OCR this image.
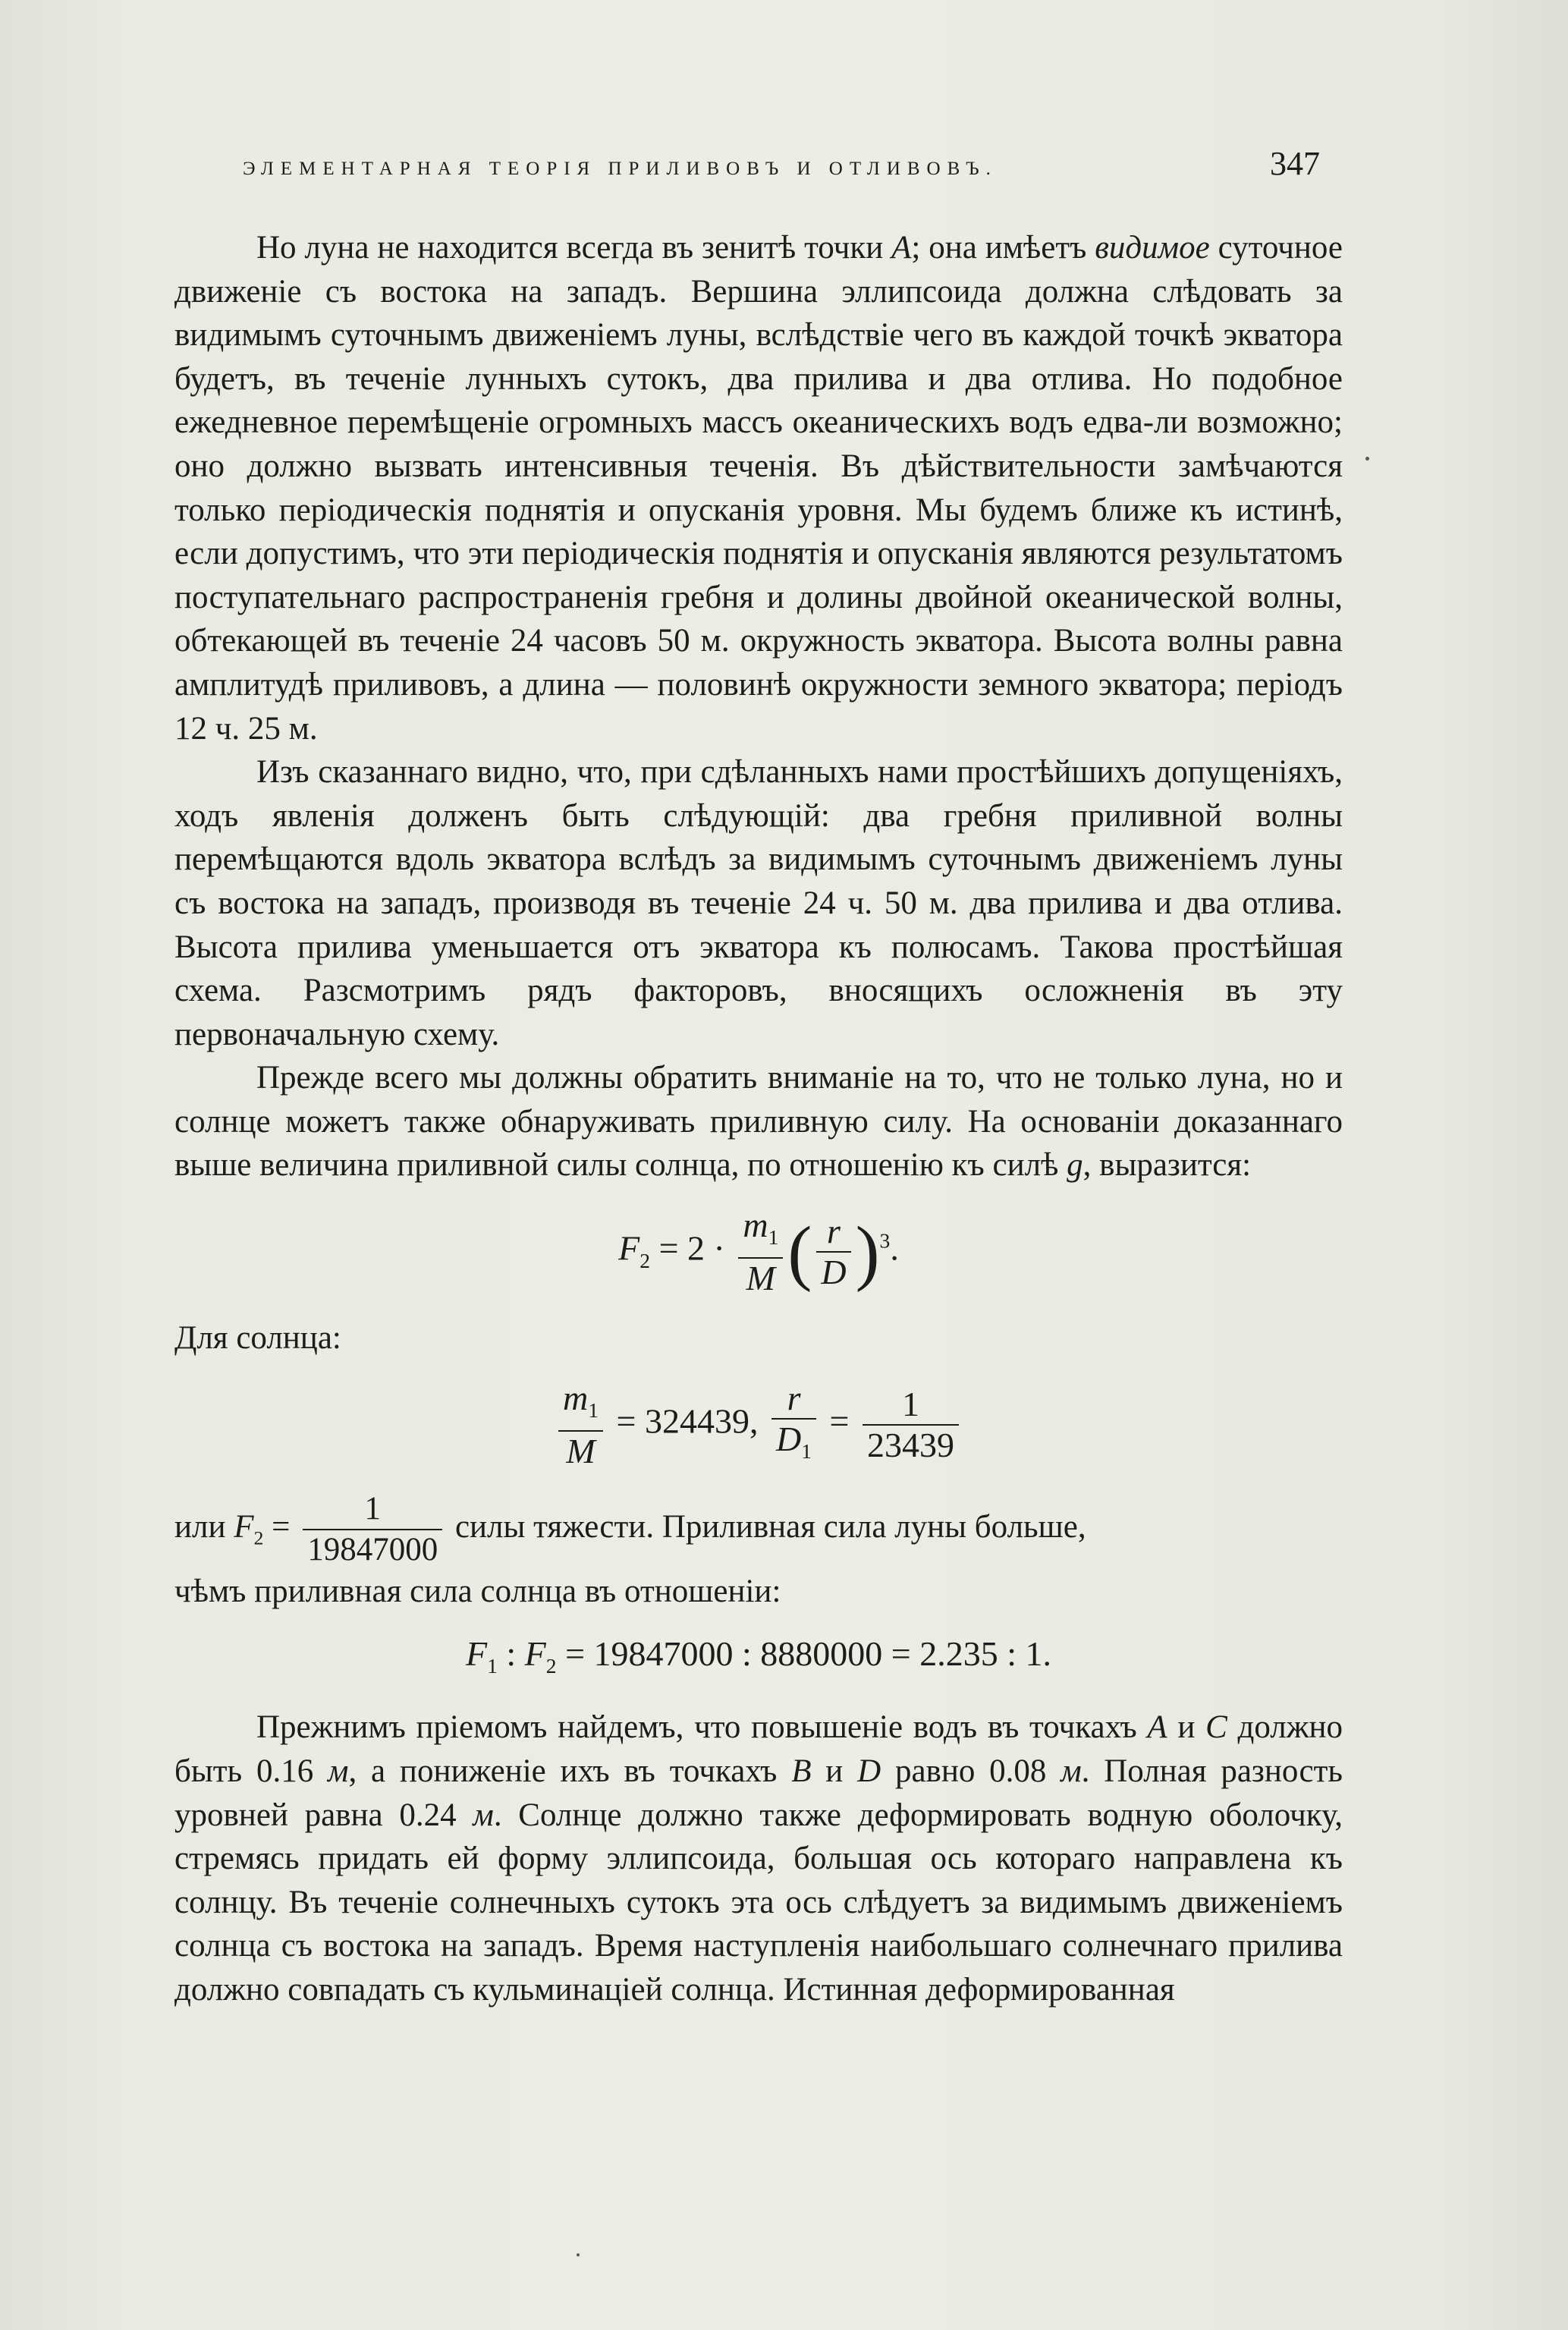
ЭЛЕМЕНТАРНАЯ ТЕОРІЯ ПРИЛИВОВЪ И ОТЛИВОВЪ.	347

Но луна не находится всегда въ зенитѣ точки A; она имѣетъ видимое суточное движеніе съ востока на западъ. Вершина эллипсоида должна слѣдовать за видимымъ суточнымъ движеніемъ луны, вслѣдствіе чего въ каждой точкѣ экватора будетъ, въ теченіе лунныхъ сутокъ, два прилива и два отлива. Но подобное ежедневное перемѣщеніе огромныхъ массъ океаническихъ водъ едва-ли возможно; оно должно вызвать интенсивныя теченія. Въ дѣйствительности замѣчаются только періодическія поднятія и опусканія уровня. Мы будемъ ближе къ истинѣ, если допустимъ, что эти періодическія поднятія и опусканія являются результатомъ поступательнаго распространенія гребня и долины двойной океанической волны, обтекающей въ теченіе 24 часовъ 50 м. окружность экватора. Высота волны равна амплитудѣ приливовъ, а длина — половинѣ окружности земного экватора; періодъ 12 ч. 25 м.

Изъ сказаннаго видно, что, при сдѣланныхъ нами простѣйшихъ допущеніяхъ, ходъ явленія долженъ быть слѣдующій: два гребня приливной волны перемѣщаются вдоль экватора вслѣдъ за видимымъ суточнымъ движеніемъ луны съ востока на западъ, производя въ теченіе 24 ч. 50 м. два прилива и два отлива. Высота прилива уменьшается отъ экватора къ полюсамъ. Такова простѣйшая схема. Разсмотримъ рядъ факторовъ, вносящихъ осложненія въ эту первоначальную схему.

Прежде всего мы должны обратить вниманіе на то, что не только луна, но и солнце можетъ также обнаруживать приливную силу. На основаніи доказаннаго выше величина приливной силы солнца, по отношенію къ силѣ g, выразится:

$F_2 = 2 \cdot \frac{m_1}{M}$ ( $\frac{r}{D} )^3$.

Для солнца:

$\frac{m_1}{M} = 324439$, $\frac{r}{D_1} = \frac{1}{23439}$

или $F_2 = \frac{1}{19847000}$ силы тяжести. Приливная сила луны больше,

чѣмъ приливная сила солнца въ отношеніи:

$F_1$ : $F_2 = 19847000$ : 8880000 = 2.235 : 1.

Прежнимъ пріемомъ найдемъ, что повышеніе водъ въ точкахъ A и C должно быть 0.16 м, а пониженіе ихъ въ точкахъ B и D равно 0.08 м. Полная разность уровней равна 0.24 м. Солнце должно также деформировать водную оболочку, стремясь придать ей форму эллипсоида, большая ось котораго направлена къ солнцу. Въ теченіе солнечныхъ сутокъ эта ось слѣдуетъ за видимымъ движеніемъ солнца съ востока на западъ. Время наступленія наибольшаго солнечнаго прилива должно совпадать съ кульминаціей солнца. Истинная деформированная
